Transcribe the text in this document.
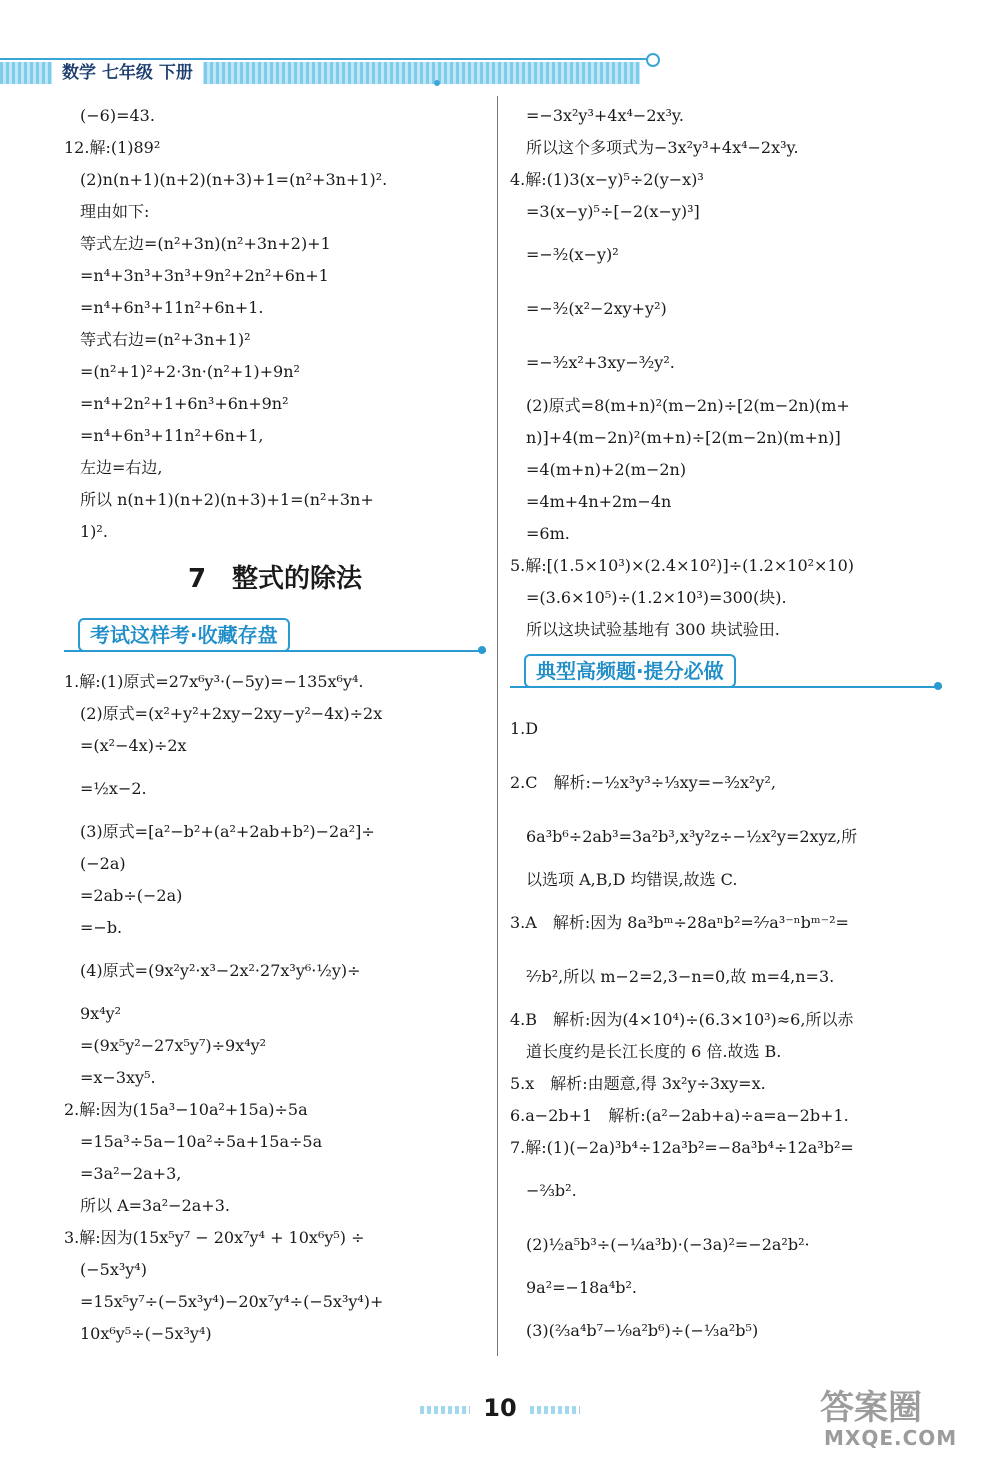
数学 七年级 下册
(−6)=43.
12.解:(1)89²
(2)n(n+1)(n+2)(n+3)+1=(n²+3n+1)².
理由如下:
等式左边=(n²+3n)(n²+3n+2)+1
=n⁴+3n³+3n³+9n²+2n²+6n+1
=n⁴+6n³+11n²+6n+1.
等式右边=(n²+3n+1)²
=(n²+1)²+2·3n·(n²+1)+9n²
=n⁴+2n²+1+6n³+6n+9n²
=n⁴+6n³+11n²+6n+1,
左边=右边,
所以 n(n+1)(n+2)(n+3)+1=(n²+3n+
1)².
7　整式的除法
考试这样考·收藏存盘
1.解:(1)原式=27x⁶y³·(−5y)=−135x⁶y⁴.
(2)原式=(x²+y²+2xy−2xy−y²−4x)÷2x
=(x²−4x)÷2x
=½x−2.
(3)原式=[a²−b²+(a²+2ab+b²)−2a²]÷
(−2a)
=2ab÷(−2a)
=−b.
(4)原式=(9x²y²·x³−2x²·27x³y⁶·½y)÷
9x⁴y²
=(9x⁵y²−27x⁵y⁷)÷9x⁴y²
=x−3xy⁵.
2.解:因为(15a³−10a²+15a)÷5a
=15a³÷5a−10a²÷5a+15a÷5a
=3a²−2a+3,
所以 A=3a²−2a+3.
3.解:因为(15x⁵y⁷ − 20x⁷y⁴ + 10x⁶y⁵) ÷
(−5x³y⁴)
=15x⁵y⁷÷(−5x³y⁴)−20x⁷y⁴÷(−5x³y⁴)+
10x⁶y⁵÷(−5x³y⁴)
=−3x²y³+4x⁴−2x³y.
所以这个多项式为−3x²y³+4x⁴−2x³y.
4.解:(1)3(x−y)⁵÷2(y−x)³
=3(x−y)⁵÷[−2(x−y)³]
=−³⁄₂(x−y)²
=−³⁄₂(x²−2xy+y²)
=−³⁄₂x²+3xy−³⁄₂y².
(2)原式=8(m+n)²(m−2n)÷[2(m−2n)(m+
n)]+4(m−2n)²(m+n)÷[2(m−2n)(m+n)]
=4(m+n)+2(m−2n)
=4m+4n+2m−4n
=6m.
5.解:[(1.5×10³)×(2.4×10²)]÷(1.2×10²×10)
=(3.6×10⁵)÷(1.2×10³)=300(块).
所以这块试验基地有 300 块试验田.
典型高频题·提分必做
1.D
2.C　解析:−½x³y³÷⅓xy=−³⁄₂x²y²,
6a³b⁶÷2ab³=3a²b³,x³y²z÷−½x²y=2xyz,所
以选项 A,B,D 均错误,故选 C.
3.A　解析:因为 8a³bᵐ÷28aⁿb²=²⁄₇a³⁻ⁿbᵐ⁻²=
²⁄₇b²,所以 m−2=2,3−n=0,故 m=4,n=3.
4.B　解析:因为(4×10⁴)÷(6.3×10³)≈6,所以赤
道长度约是长江长度的 6 倍.故选 B.
5.x　解析:由题意,得 3x²y÷3xy=x.
6.a−2b+1　解析:(a²−2ab+a)÷a=a−2b+1.
7.解:(1)(−2a)³b⁴÷12a³b²=−8a³b⁴÷12a³b²=
−⅔b².
(2)½a⁵b³÷(−¼a³b)·(−3a)²=−2a²b²·
9a²=−18a⁴b².
(3)(⅔a⁴b⁷−⅑a²b⁶)÷(−⅓a²b⁵)
10	答案圈
MXQE.COM
